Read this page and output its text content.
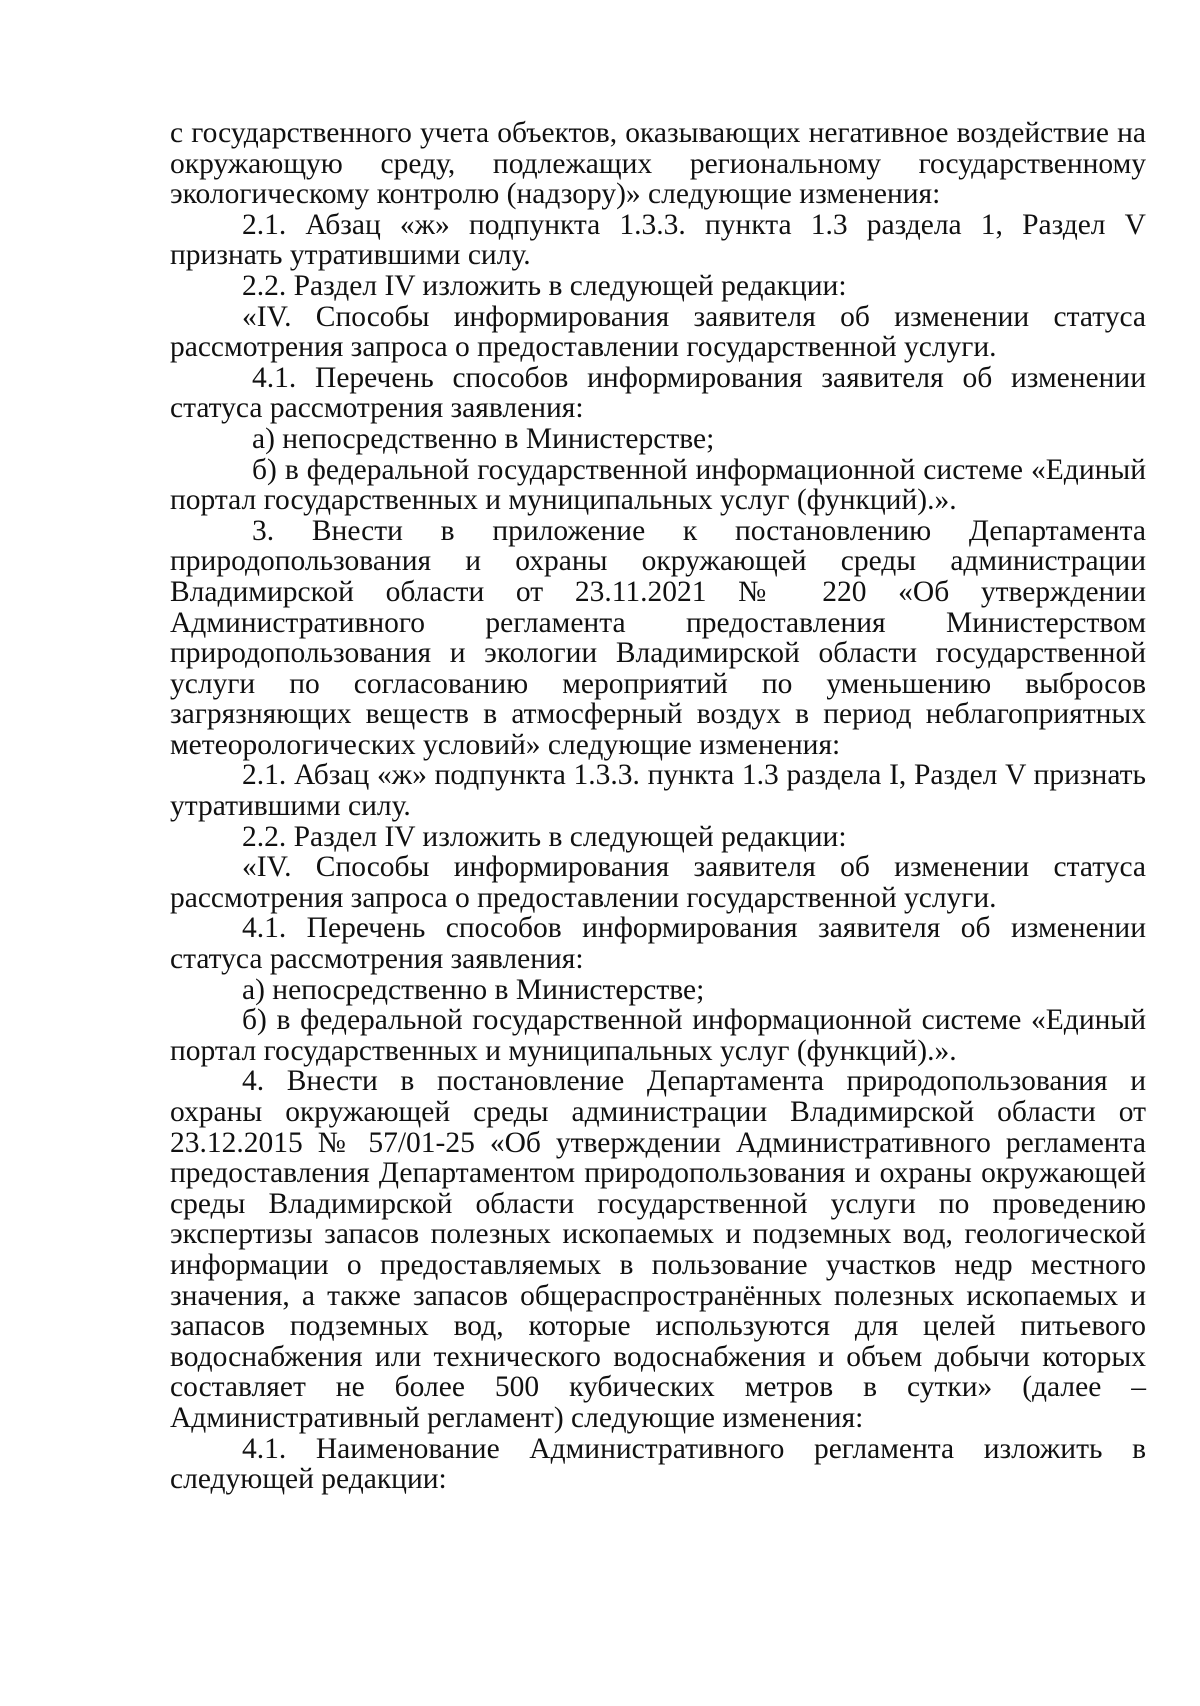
с государственного учета объектов, оказывающих негативное воздействие на окружающую среду, подлежащих региональному государственному экологическому контролю (надзору)» следующие изменения:

2.1. Абзац «ж» подпункта 1.3.3. пункта 1.3 раздела 1, Раздел V признать утратившими силу.

2.2. Раздел IV изложить в следующей редакции:

«IV. Способы информирования заявителя об изменении статуса рассмотрения запроса о предоставлении государственной услуги.

4.1. Перечень способов информирования заявителя об изменении статуса рассмотрения заявления:

а) непосредственно в Министерстве;

б) в федеральной государственной информационной системе «Единый портал государственных и муниципальных услуг (функций).».

3. Внести в приложение к постановлению Департамента природопользования и охраны окружающей среды администрации Владимирской области от 23.11.2021 № 220 «Об утверждении Административного регламента предоставления Министерством природопользования и экологии Владимирской области государственной услуги по согласованию мероприятий по уменьшению выбросов загрязняющих веществ в атмосферный воздух в период неблагоприятных метеорологических условий» следующие изменения:

2.1. Абзац «ж» подпункта 1.3.3. пункта 1.3 раздела I, Раздел V признать утратившими силу.

2.2. Раздел IV изложить в следующей редакции:

«IV. Способы информирования заявителя об изменении статуса рассмотрения запроса о предоставлении государственной услуги.

4.1. Перечень способов информирования заявителя об изменении статуса рассмотрения заявления:

а) непосредственно в Министерстве;

б) в федеральной государственной информационной системе «Единый портал государственных и муниципальных услуг (функций).».

4. Внести в постановление Департамента природопользования и охраны окружающей среды администрации Владимирской области от 23.12.2015 № 57/01-25 «Об утверждении Административного регламента предоставления Департаментом природопользования и охраны окружающей среды Владимирской области государственной услуги по проведению экспертизы запасов полезных ископаемых и подземных вод, геологической информации о предоставляемых в пользование участков недр местного значения, а также запасов общераспространённых полезных ископаемых и запасов подземных вод, которые используются для целей питьевого водоснабжения или технического водоснабжения и объем добычи которых составляет не более 500 кубических метров в сутки» (далее – Административный регламент) следующие изменения:

4.1. Наименование Административного регламента изложить в следующей редакции:
